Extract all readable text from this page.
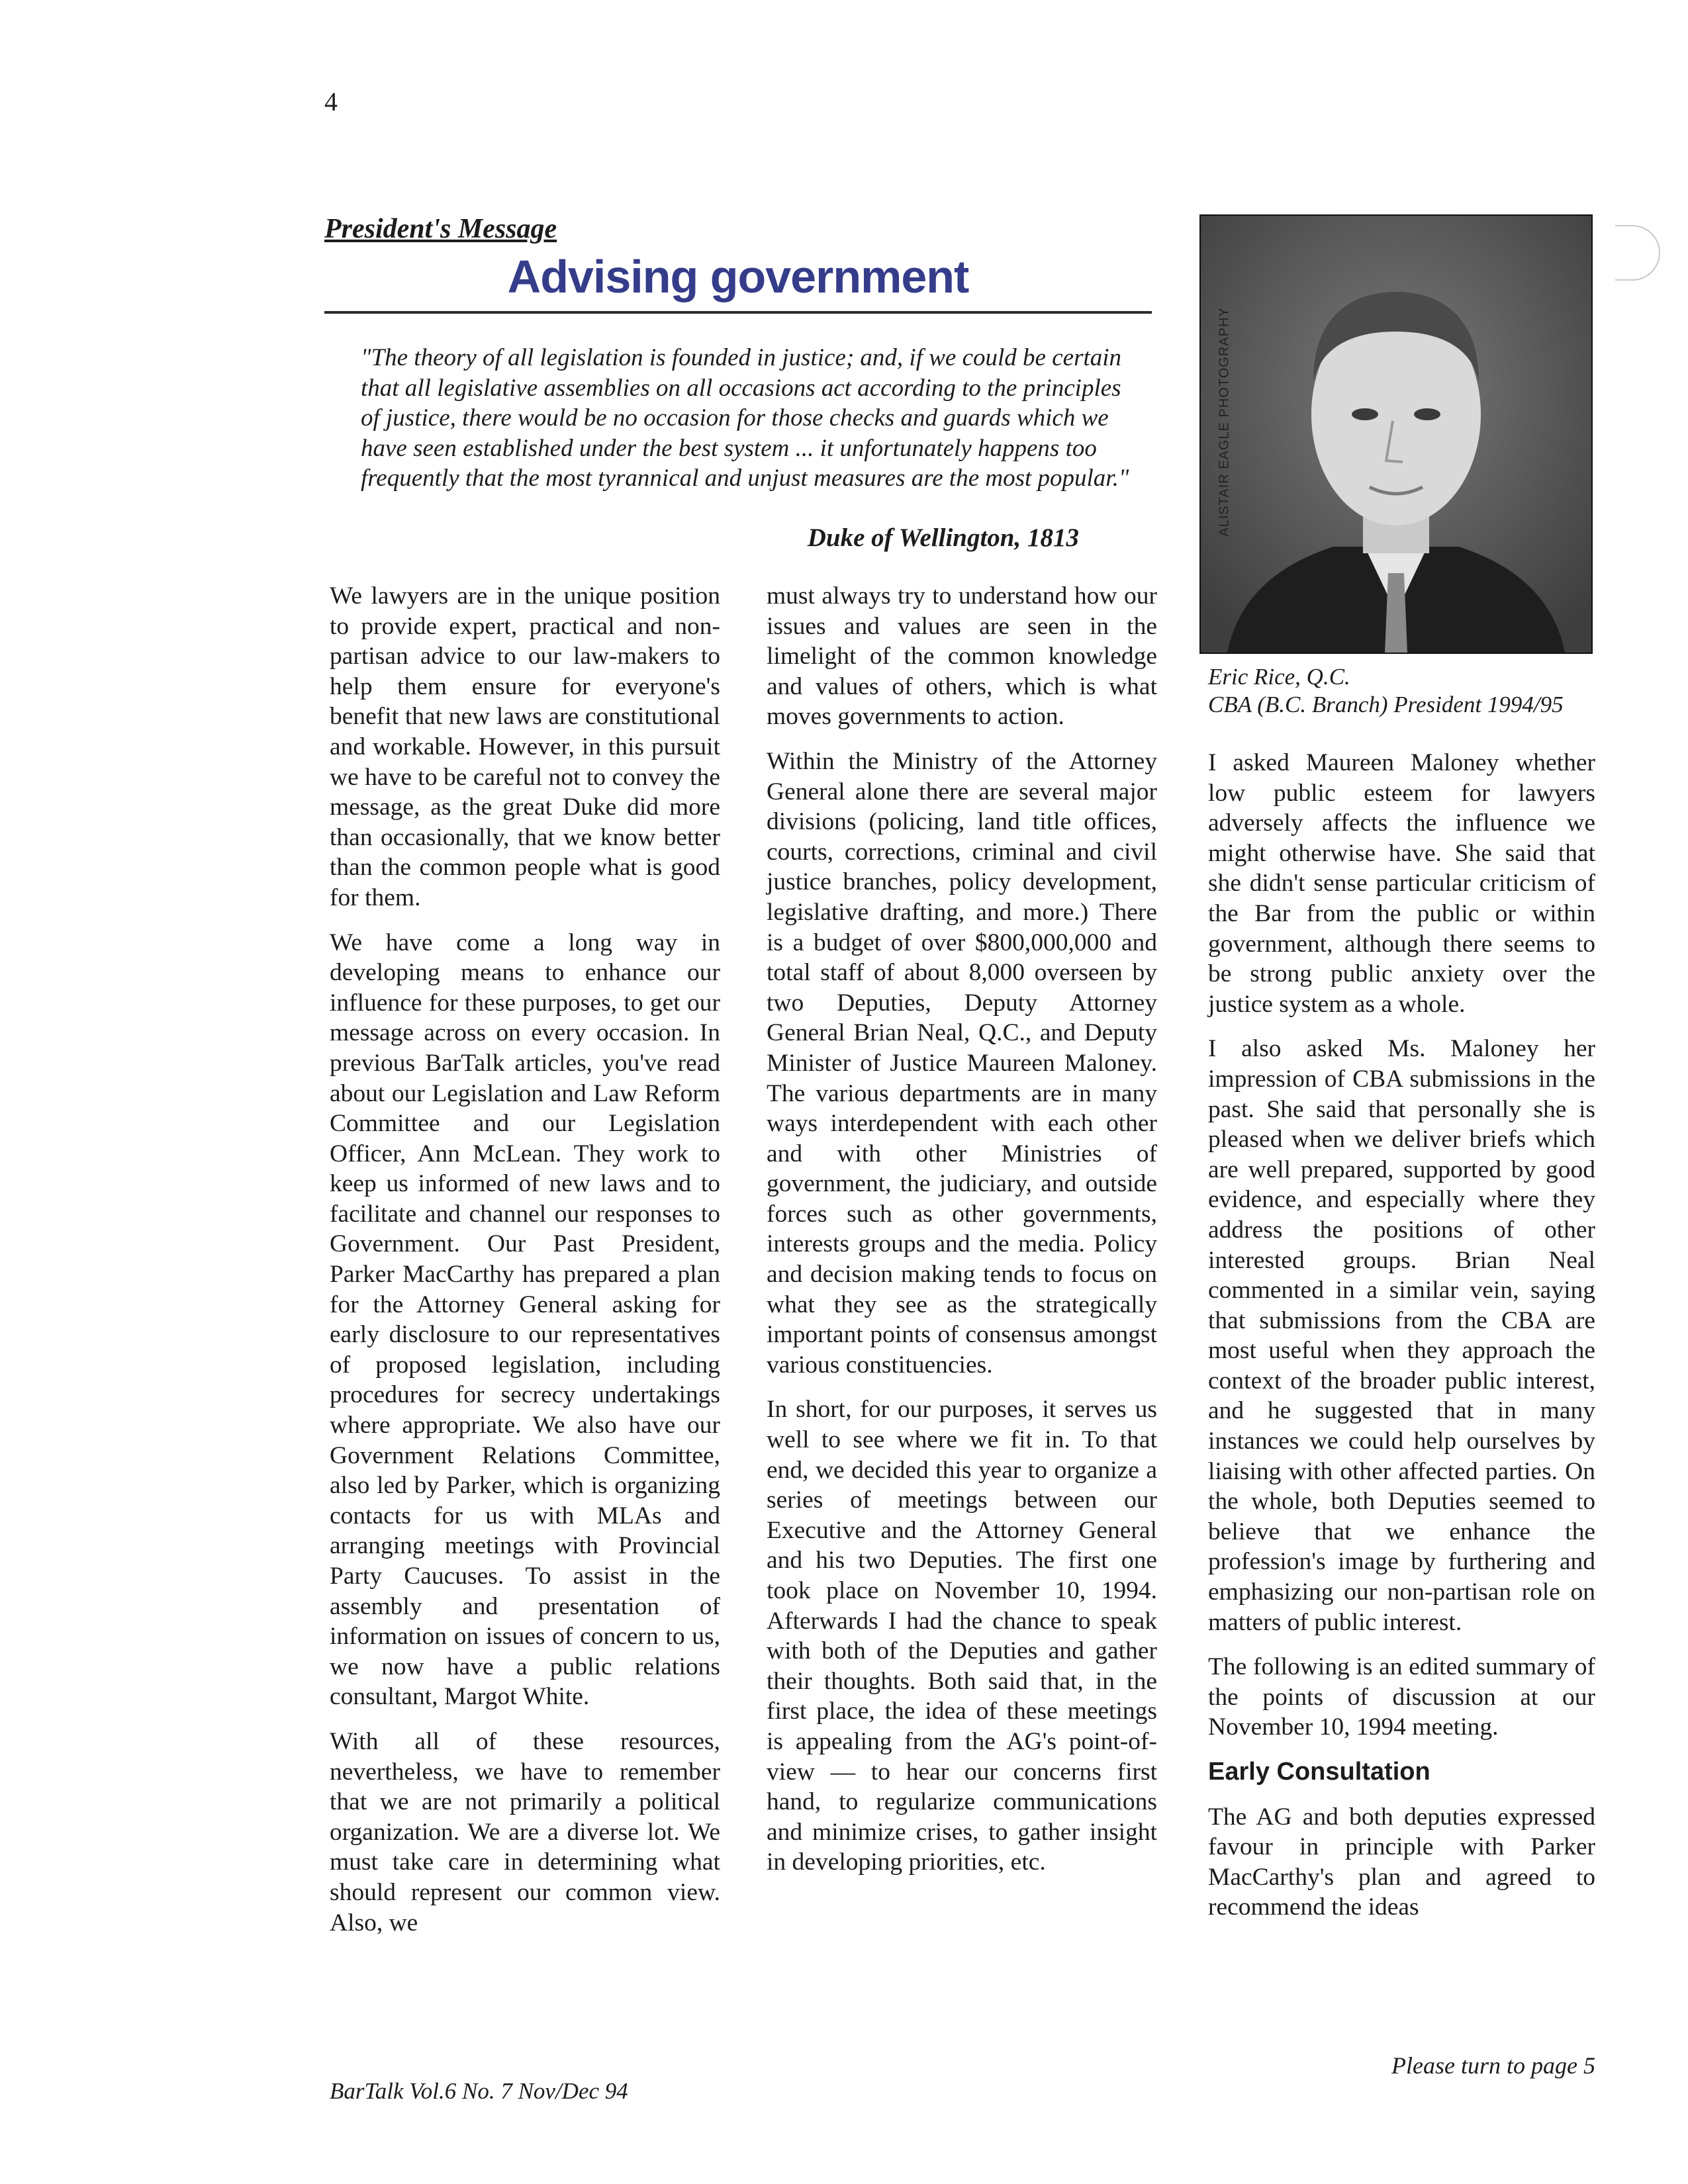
4
President's Message
Advising government
"The theory of all legislation is founded in justice; and, if we could be certain that all legislative assemblies on all occasions act according to the principles of justice, there would be no occasion for those checks and guards which we have seen established under the best system ... it unfortunately happens too frequently that the most tyrannical and unjust measures are the most popular."
Duke of Wellington, 1813
ALISTAIR EAGLE PHOTOGRAPHY
Eric Rice, Q.C.
CBA (B.C. Branch) President 1994/95

We lawyers are in the unique position to provide expert, practical and non-partisan advice to our law-makers to help them ensure for everyone's benefit that new laws are constitutional and workable. However, in this pursuit we have to be careful not to convey the message, as the great Duke did more than occasionally, that we know better than the common people what is good for them.

We have come a long way in developing means to enhance our influence for these purposes, to get our message across on every occasion. In previous BarTalk articles, you've read about our Legislation and Law Reform Committee and our Legislation Officer, Ann McLean. They work to keep us informed of new laws and to facilitate and channel our responses to Government. Our Past President, Parker MacCarthy has prepared a plan for the Attorney General asking for early disclosure to our representatives of proposed legislation, including procedures for secrecy undertakings where appropriate. We also have our Government Relations Committee, also led by Parker, which is organizing contacts for us with MLAs and arranging meetings with Provincial Party Caucuses. To assist in the assembly and presentation of information on issues of concern to us, we now have a public relations consultant, Margot White.

With all of these resources, nevertheless, we have to remember that we are not primarily a political organization. We are a diverse lot. We must take care in determining what should represent our common view. Also, we

must always try to understand how our issues and values are seen in the limelight of the common knowledge and values of others, which is what moves governments to action.

Within the Ministry of the Attorney General alone there are several major divisions (policing, land title offices, courts, corrections, criminal and civil justice branches, policy development, legislative drafting, and more.) There is a budget of over $800,000,000 and total staff of about 8,000 overseen by two Deputies, Deputy Attorney General Brian Neal, Q.C., and Deputy Minister of Justice Maureen Maloney. The various departments are in many ways interdependent with each other and with other Ministries of government, the judiciary, and outside forces such as other governments, interests groups and the media. Policy and decision making tends to focus on what they see as the strategically important points of consensus amongst various constituencies.

In short, for our purposes, it serves us well to see where we fit in. To that end, we decided this year to organize a series of meetings between our Executive and the Attorney General and his two Deputies. The first one took place on November 10, 1994. Afterwards I had the chance to speak with both of the Deputies and gather their thoughts. Both said that, in the first place, the idea of these meetings is appealing from the AG's point-of-view — to hear our concerns first hand, to regularize communications and minimize crises, to gather insight in developing priorities, etc.

I asked Maureen Maloney whether low public esteem for lawyers adversely affects the influence we might otherwise have. She said that she didn't sense particular criticism of the Bar from the public or within government, although there seems to be strong public anxiety over the justice system as a whole.

I also asked Ms. Maloney her impression of CBA submissions in the past. She said that personally she is pleased when we deliver briefs which are well prepared, supported by good evidence, and especially where they address the positions of other interested groups. Brian Neal commented in a similar vein, saying that submissions from the CBA are most useful when they approach the context of the broader public interest, and he suggested that in many instances we could help ourselves by liaising with other affected parties. On the whole, both Deputies seemed to believe that we enhance the profession's image by furthering and emphasizing our non-partisan role on matters of public interest.

The following is an edited summary of the points of discussion at our November 10, 1994 meeting.

Early Consultation

The AG and both deputies expressed favour in principle with Parker MacCarthy's plan and agreed to recommend the ideas

Please turn to page 5
BarTalk Vol.6 No. 7 Nov/Dec 94
